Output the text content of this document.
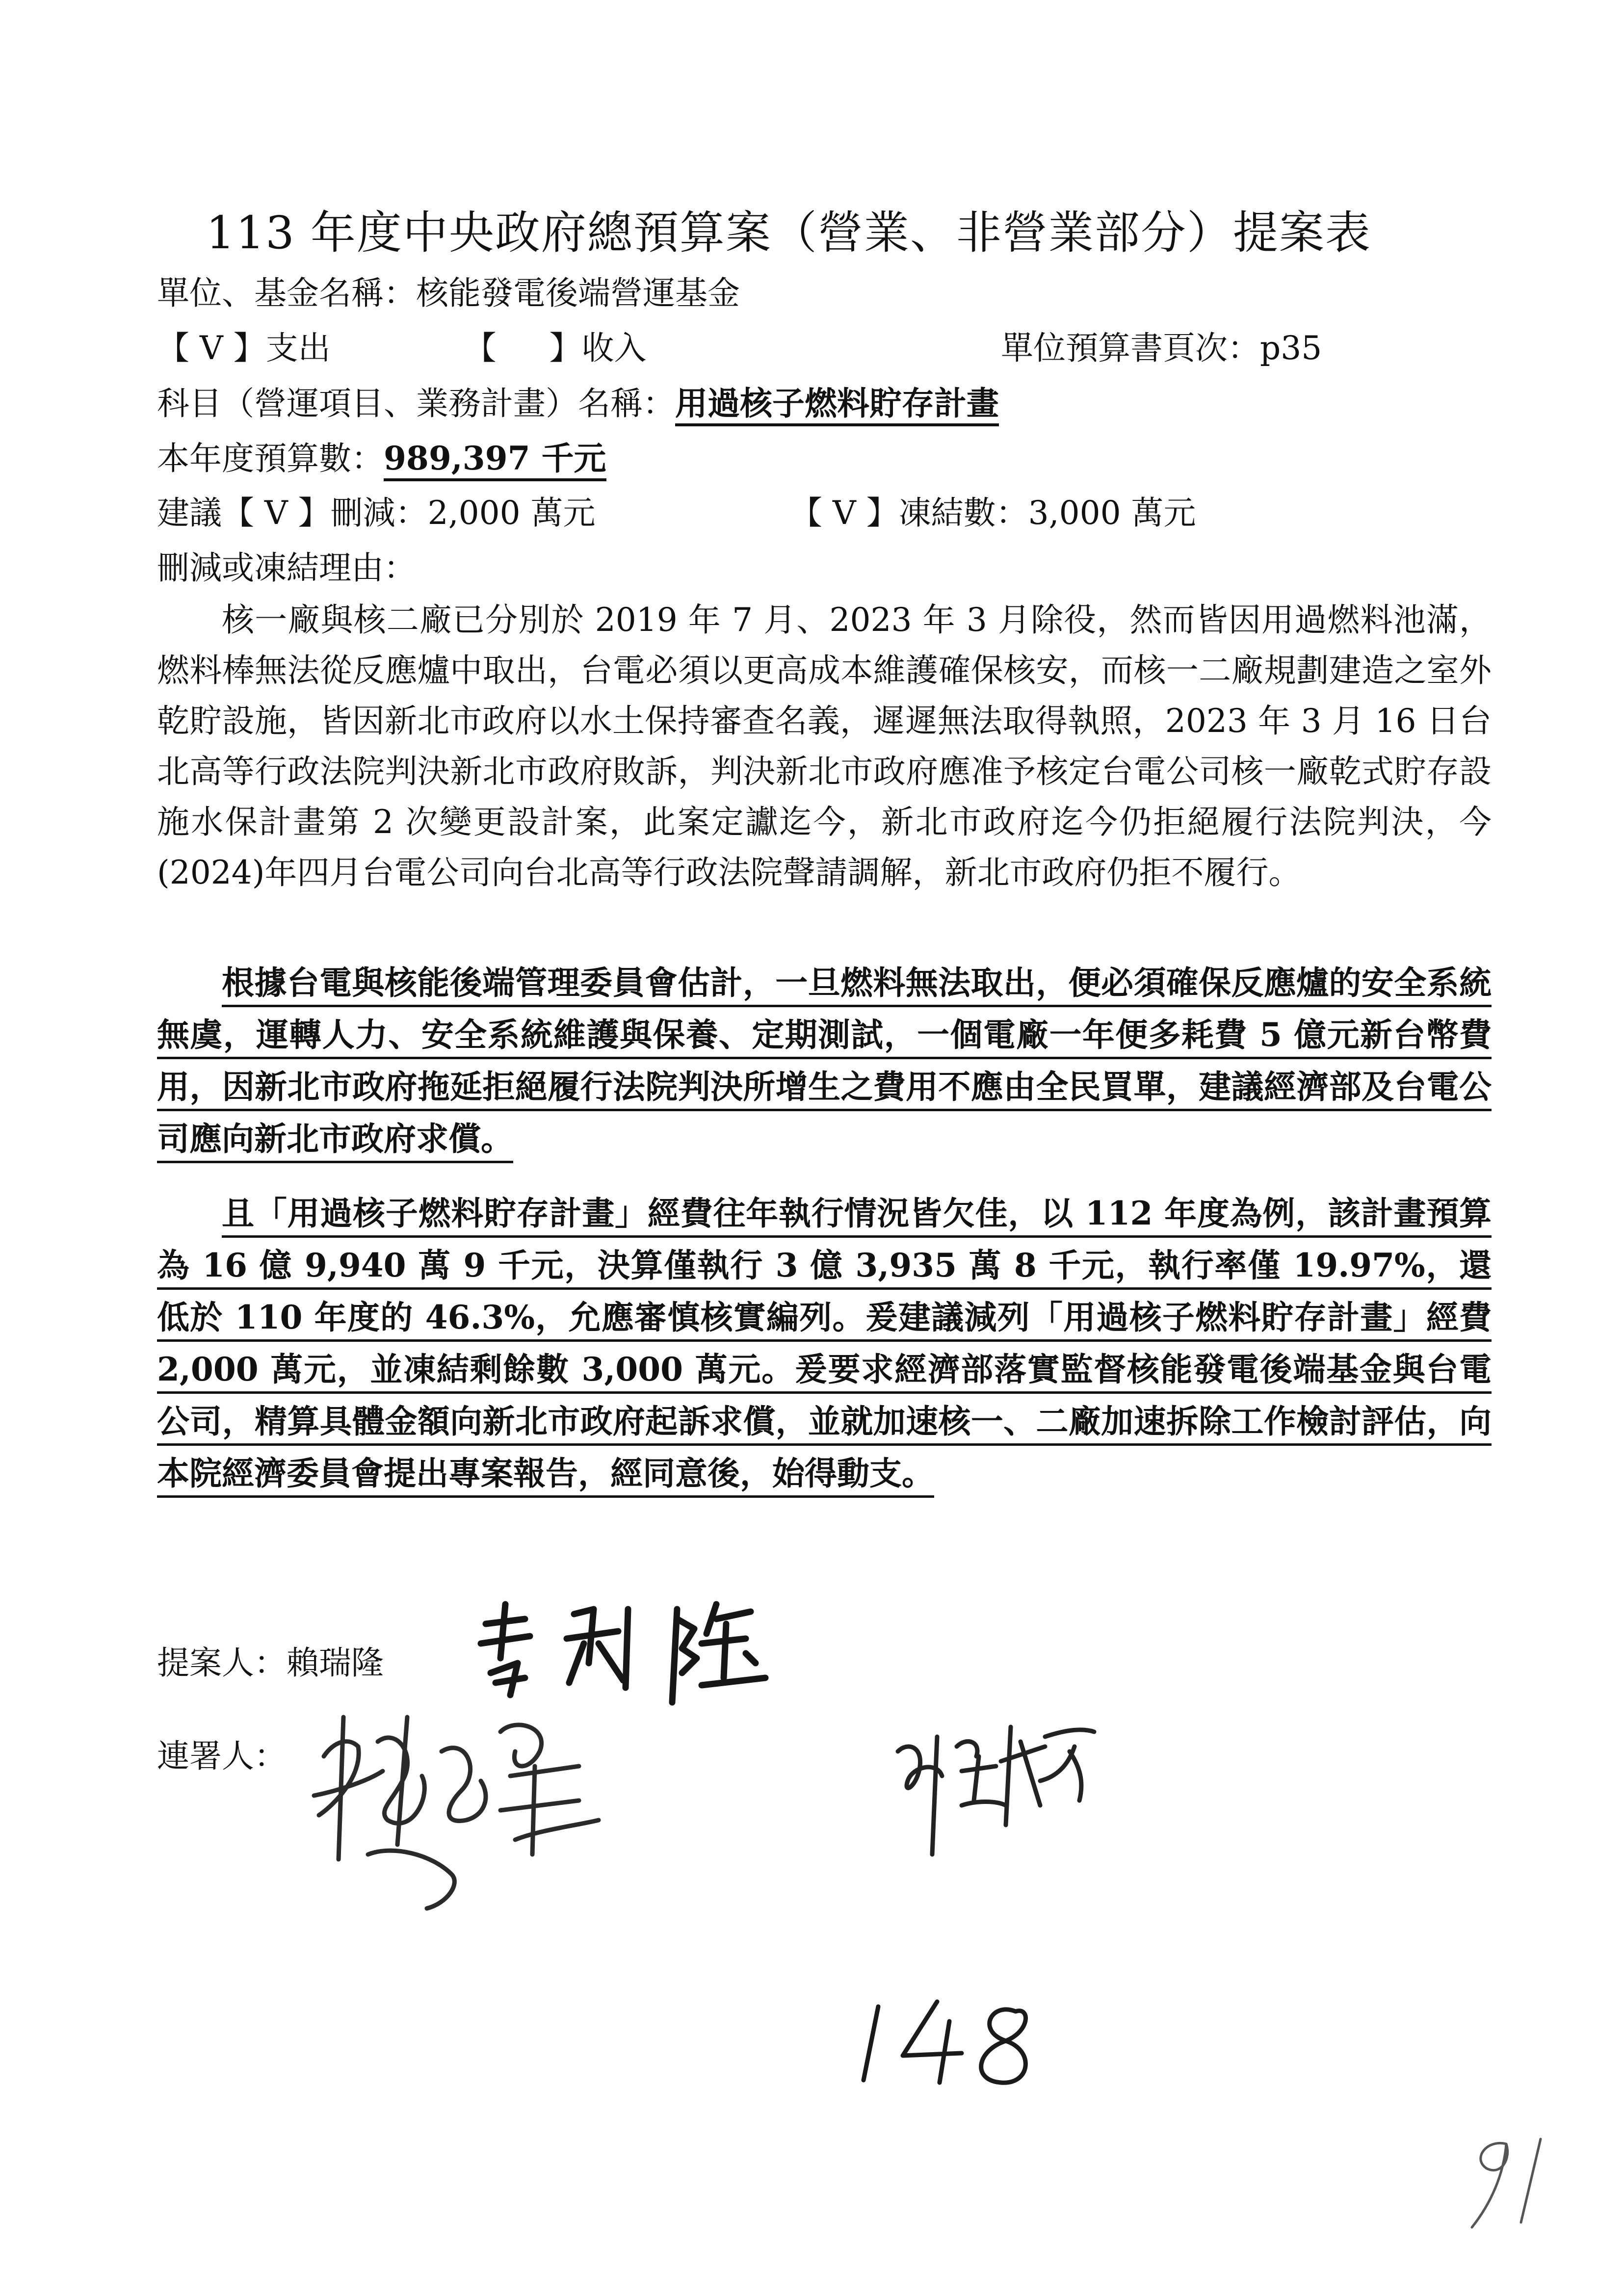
113 年度中央政府總預算案（營業、非營業部分）提案表
單位、基金名稱：核能發電後端營運基金
【 V 】支出	【 　 】收入	單位預算書頁次：p35
科目（營運項目、業務計畫）名稱：用過核子燃料貯存計畫
本年度預算數：989,397 千元
建議【 V 】刪減：2,000 萬元	【 V 】凍結數：3,000 萬元
刪減或凍結理由：

核一廠與核二廠已分別於 2019 年 7 月、2023 年 3 月除役，然而皆因用過燃料池滿，燃料棒無法從反應爐中取出，台電必須以更高成本維護確保核安，而核一二廠規劃建造之室外乾貯設施，皆因新北市政府以水土保持審查名義，遲遲無法取得執照，2023 年 3 月 16 日台北高等行政法院判決新北市政府敗訴，判決新北市政府應准予核定台電公司核一廠乾式貯存設施水保計畫第 2 次變更設計案，此案定讞迄今，新北市政府迄今仍拒絕履行法院判決，今(2024)年四月台電公司向台北高等行政法院聲請調解，新北市政府仍拒不履行。

根據台電與核能後端管理委員會估計，一旦燃料無法取出，便必須確保反應爐的安全系統無虞，運轉人力、安全系統維護與保養、定期測試，一個電廠一年便多耗費 5 億元新台幣費用，因新北市政府拖延拒絕履行法院判決所增生之費用不應由全民買單，建議經濟部及台電公司應向新北市政府求償。

且「用過核子燃料貯存計畫」經費往年執行情況皆欠佳，以 112 年度為例，該計畫預算為 16 億 9,940 萬 9 千元，決算僅執行 3 億 3,935 萬 8 千元，執行率僅 19.97%，還低於 110 年度的 46.3%，允應審慎核實編列。爰建議減列「用過核子燃料貯存計畫」經費 2,000 萬元，並凍結剩餘數 3,000 萬元。爰要求經濟部落實監督核能發電後端基金與台電公司，精算具體金額向新北市政府起訴求償，並就加速核一、二廠加速拆除工作檢討評估，向本院經濟委員會提出專案報告，經同意後，始得動支。

提案人：賴瑞隆
連署人：
